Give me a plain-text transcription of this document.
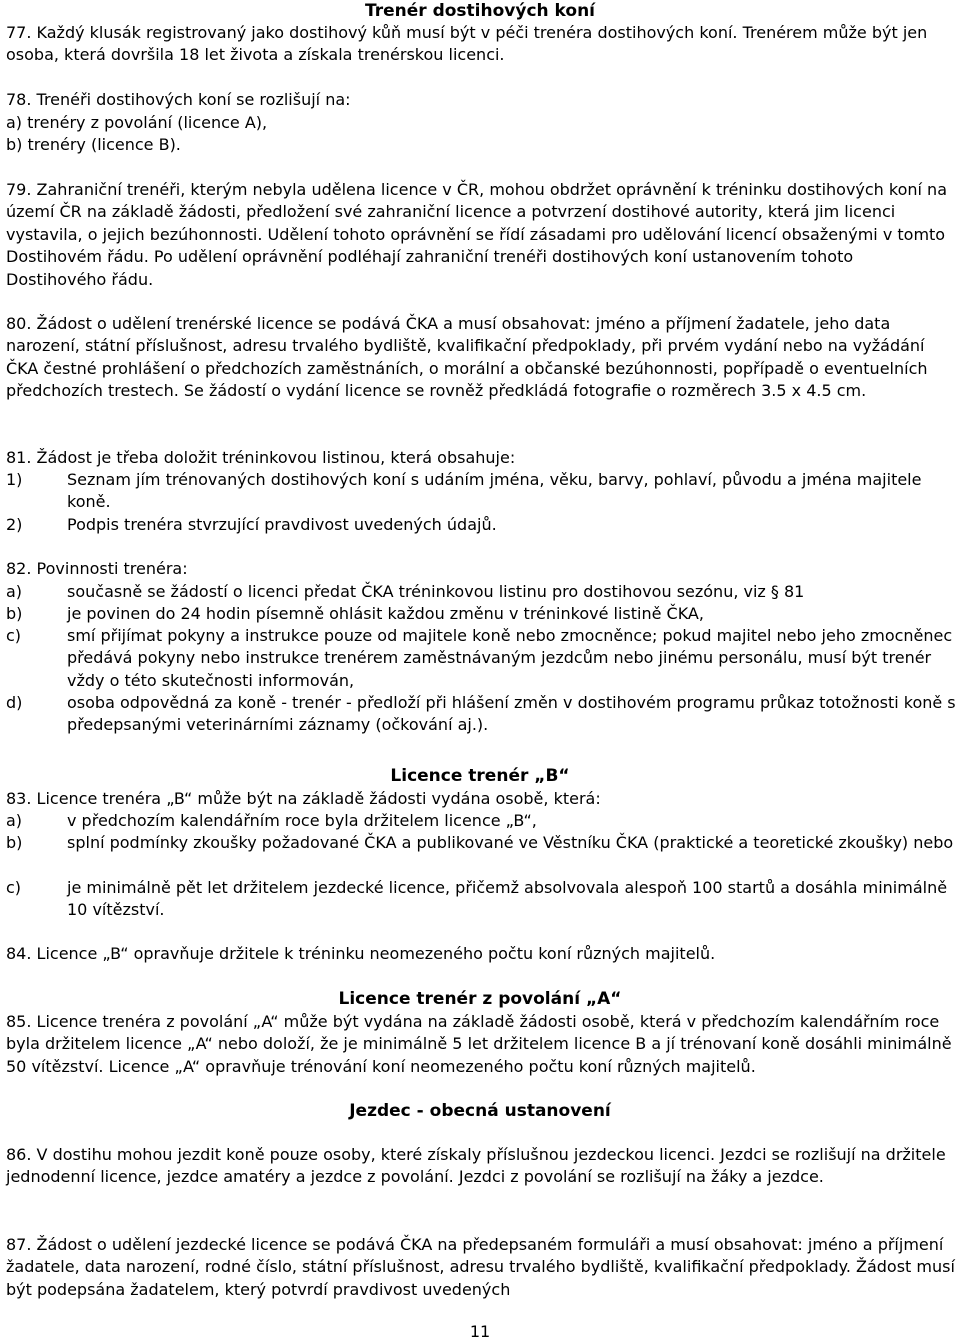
Trenér dostihových koní

77. Každý klusák registrovaný jako dostihový kůň musí být v péči trenéra dostihových koní. Trenérem může být jen osoba, která dovršila 18 let života a získala trenérskou licenci.

78. Trenéři dostihových koní se rozlišují na:

a) trenéry z povolání (licence A),

b) trenéry (licence B).

79. Zahraniční trenéři, kterým nebyla udělena licence v ČR, mohou obdržet oprávnění k tréninku dostihových koní na území ČR na základě žádosti, předložení své zahraniční licence a potvrzení dostihové autority, která jim licenci vystavila, o jejich bezúhonnosti. Udělení tohoto oprávnění se řídí zásadami pro udělování licencí obsaženými v tomto Dostihovém řádu. Po udělení oprávnění podléhají zahraniční trenéři dostihových koní ustanovením tohoto Dostihového řádu.

80. Žádost o udělení trenérské licence se podává ČKA a musí obsahovat: jméno a příjmení žadatele, jeho data narození, státní příslušnost, adresu trvalého bydliště, kvalifikační předpoklady, při prvém vydání nebo na vyžádání ČKA čestné prohlášení o předchozích zaměstnáních, o morální a občanské bezúhonnosti, popřípadě o eventuelních předchozích trestech. Se žádostí o vydání licence se rovněž předkládá fotografie o rozměrech 3.5 x 4.5 cm.

81. Žádost je třeba doložit tréninkovou listinou, která obsahuje:

1)	Seznam jím trénovaných dostihových koní s udáním jména, věku, barvy, pohlaví, původu a jména majitele koně.

2)	Podpis trenéra stvrzující pravdivost uvedených údajů.

82. Povinnosti trenéra:

a)	současně se žádostí o licenci předat ČKA tréninkovou listinu pro dostihovou sezónu, viz § 81

b)	je povinen do 24 hodin písemně ohlásit každou změnu v tréninkové listině ČKA,

c)	smí přijímat pokyny a instrukce pouze od majitele koně nebo zmocněnce; pokud majitel nebo jeho zmocněnec předává pokyny nebo instrukce trenérem zaměstnávaným jezdcům nebo jinému personálu, musí být trenér vždy o této skutečnosti informován,

d)	osoba odpovědná za koně - trenér - předloží při hlášení změn v dostihovém programu průkaz totožnosti koně s předepsanými veterinárními záznamy (očkování aj.).

Licence trenér „B“

83. Licence trenéra „B“ může být na základě žádosti vydána osobě, která:

a)	v předchozím kalendářním roce byla držitelem licence „B“,

b)	splní podmínky zkoušky požadované ČKA a publikované ve Věstníku ČKA (praktické a teoretické zkoušky) nebo

c)	je minimálně pět let držitelem jezdecké licence, přičemž absolvovala alespoň 100 startů a dosáhla minimálně 10 vítězství.

84. Licence „B“ opravňuje držitele k tréninku neomezeného počtu koní různých majitelů.

Licence trenér z povolání „A“

85. Licence trenéra z povolání „A“ může být vydána na základě žádosti osobě, která v předchozím kalendářním roce byla držitelem licence „A“ nebo doloží, že je minimálně 5 let držitelem licence B a jí trénovaní koně dosáhli minimálně 50 vítězství. Licence „A“ opravňuje trénování koní neomezeného počtu koní různých majitelů.

Jezdec - obecná ustanovení

86. V dostihu mohou jezdit koně pouze osoby, které získaly příslušnou jezdeckou licenci. Jezdci se rozlišují na držitele jednodenní licence, jezdce amatéry a jezdce z povolání. Jezdci z povolání se rozlišují na žáky a jezdce.

87. Žádost o udělení jezdecké licence se podává ČKA na předepsaném formuláři a musí obsahovat: jméno a příjmení žadatele, data narození, rodné číslo, státní příslušnost, adresu trvalého bydliště, kvalifikační předpoklady. Žádost musí být podepsána žadatelem, který potvrdí pravdivost uvedených

11
